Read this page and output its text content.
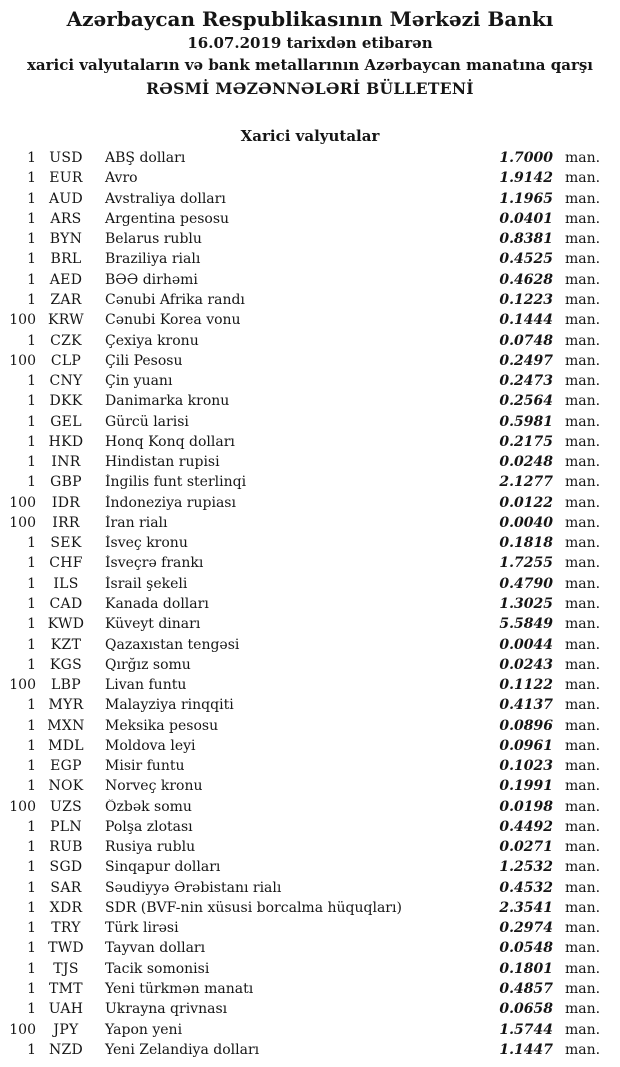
Azərbaycan Respublikasının Mərkəzi Bankı
16.07.2019 tarixdən etibarən
xarici valyutaların və bank metallarının Azərbaycan manatına qarşı
RƏSMİ MƏZƏNNƏLƏRİ BÜLLETENİ
Xarici valyutalar
1 USD	ABŞ dolları	1.7000 man.
1 EUR	Avro	1.9142 man.
1 AUD	Avstraliya dolları	1.1965 man.
1	ARS	Argentina pesosu	0.0401 man.
1 BYN	Belarus rublu	0.8381 man.
1	BRL	Braziliya rialı	0.4525 man.
1 AED	BƏƏ dirhəmi	0.4628 man.
1	ZAR	Cənubi Afrika randı	0.1223 man.
100 KRW	Cənubi Korea vonu	0.1444 man.
1	CZK	Çexiya kronu	0.0748 man.
100	CLP	Çili Pesosu	0.2497 man.
1 CNY	Çin yuanı	0.2473 man.
1 DKK	Danimarka kronu	0.2564 man.
1	GEL	Gürcü larisi	0.5981 man.
1 HKD	Honq Konq dolları	0.2175 man.
1	INR	Hindistan rupisi	0.0248 man.
1	GBP	İngilis funt sterlinqi	2.1277 man.
100	IDR	İndoneziya rupiası	0.0122 man.
100	IRR	İran rialı	0.0040 man.
1	SEK	İsveç kronu	0.1818 man.
1 CHF	İsveçrə frankı	1.7255 man.
1	ILS	İsrail şekeli	0.4790 man.
1 CAD	Kanada dolları	1.3025 man.
1 KWD	Küveyt dinarı	5.5849 man.
1	KZT	Qazaxıstan tengəsi	0.0044 man.
1 KGS	Qırğız somu	0.0243 man.
100	LBP	Livan funtu	0.1122 man.
1 MYR	Malayziya rinqqiti	0.4137 man.
1 MXN	Meksika pesosu	0.0896 man.
1 MDL	Moldova leyi	0.0961 man.
1	EGP	Misir funtu	0.1023 man.
1 NOK	Norveç kronu	0.1991 man.
100 UZS	Özbək somu	0.0198 man.
1	PLN	Polşa zlotası	0.4492 man.
1 RUB	Rusiya rublu	0.0271 man.
1 SGD	Sinqapur dolları	1.2532 man.
1	SAR	Səudiyyə Ərəbistanı rialı	0.4532 man.
1 XDR	SDR (BVF-nin xüsusi borcalma hüquqları)	2.3541 man.
1	TRY	Türk lirəsi	0.2974 man.
1 TWD	Tayvan dolları	0.0548 man.
1	TJS	Tacik somonisi	0.1801 man.
1 TMT	Yeni türkmən manatı	0.4857 man.
1 UAH	Ukrayna qrivnası	0.0658 man.
100	JPY	Yapon yeni	1.5744 man.
1 NZD	Yeni Zelandiya dolları	1.1447 man.
